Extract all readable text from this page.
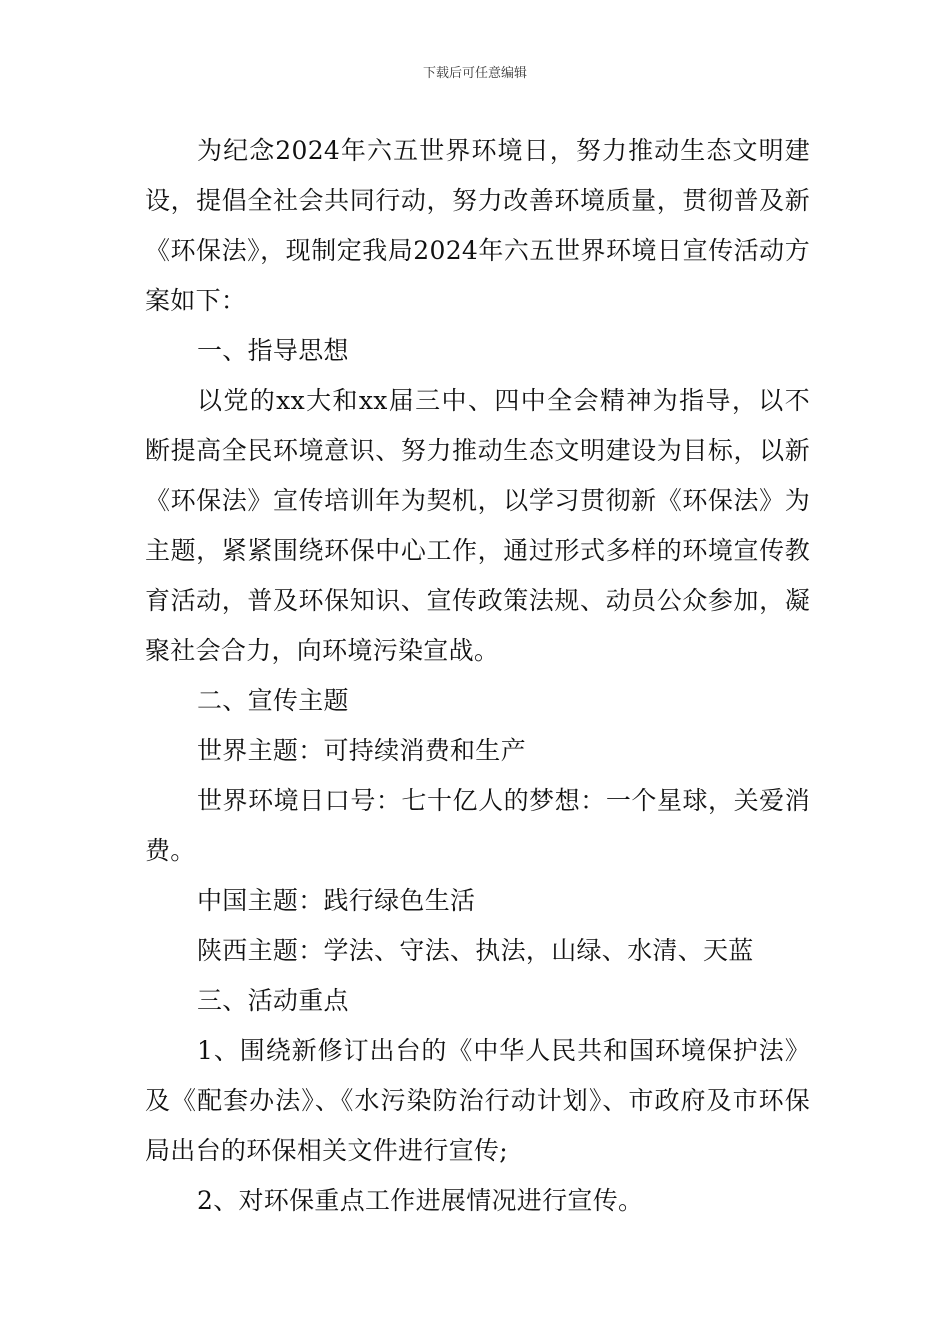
下载后可任意编辑

为纪念2024年六五世界环境日，努力推动生态文明建设，提倡全社会共同行动，努力改善环境质量，贯彻普及新《环保法》，现制定我局2024年六五世界环境日宣传活动方案如下：

一、指导思想

以党的xx大和xx届三中、四中全会精神为指导，以不断提高全民环境意识、努力推动生态文明建设为目标，以新《环保法》宣传培训年为契机，以学习贯彻新《环保法》为主题，紧紧围绕环保中心工作，通过形式多样的环境宣传教育活动，普及环保知识、宣传政策法规、动员公众参加，凝聚社会合力，向环境污染宣战。

二、宣传主题

世界主题：可持续消费和生产

世界环境日口号：七十亿人的梦想：一个星球，关爱消费。

中国主题：践行绿色生活

陕西主题：学法、守法、执法，山绿、水清、天蓝

三、活动重点

1、围绕新修订出台的《中华人民共和国环境保护法》及《配套办法》、《水污染防治行动计划》、市政府及市环保局出台的环保相关文件进行宣传;

2、对环保重点工作进展情况进行宣传。
